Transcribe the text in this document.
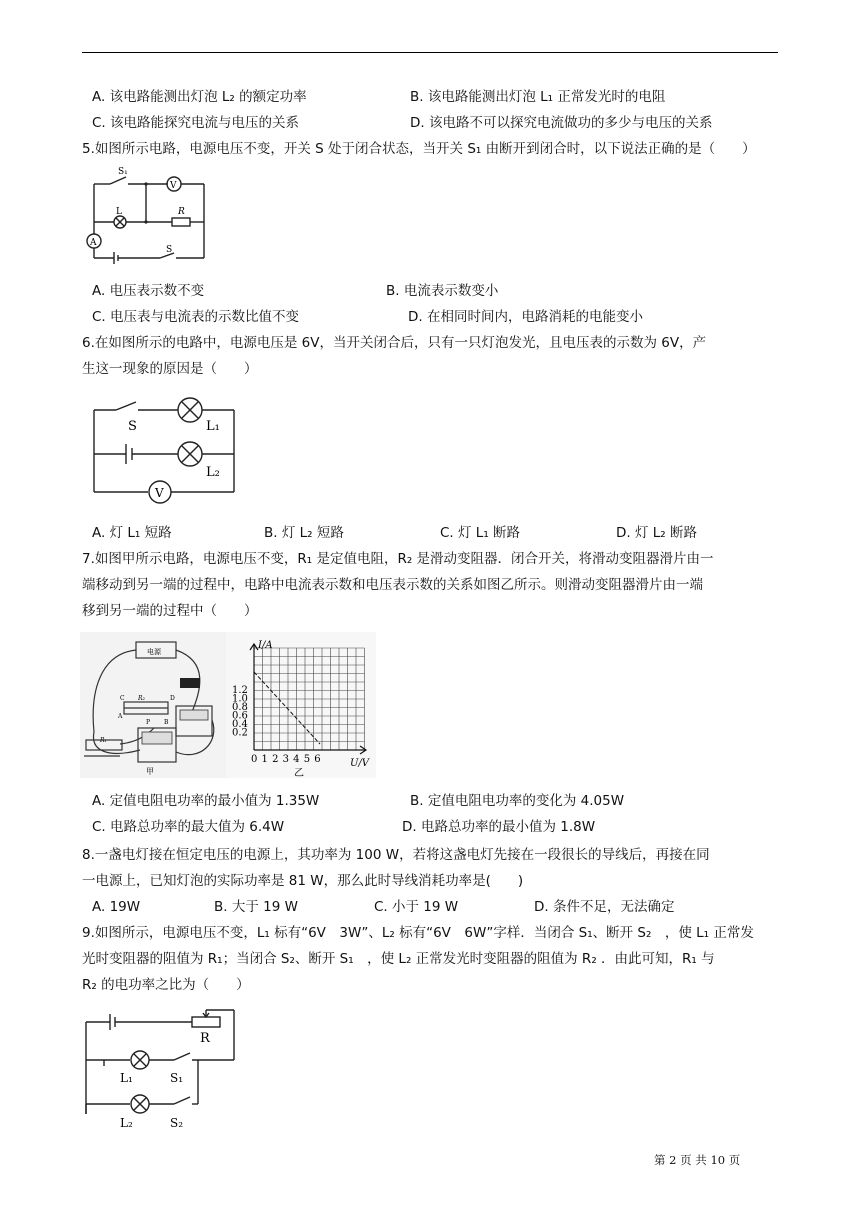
A. 该电路能测出灯泡 L₂ 的额定功率	B. 该电路能测出灯泡 L₁ 正常发光时的电阻
C. 该电路能探究电流与电压的关系	D. 该电路不可以探究电流做功的多少与电压的关系
5.如图所示电路，电源电压不变，开关 S 处于闭合状态，当开关 S₁ 由断开到闭合时，以下说法正确的是（　　）
S₁
V
L	R
A
S
A. 电压表示数不变	B. 电流表示数变小
C. 电压表与电流表的示数比值不变	D. 在相同时间内，电路消耗的电能变小
6.在如图所示的电路中，电源电压是 6V，当开关闭合后，只有一只灯泡发光，且电压表的示数为 6V，产
生这一现象的原因是（　　）
S	L₁
L₂
V
A. 灯 L₁ 短路	B. 灯 L₂ 短路	C. 灯 L₁ 断路	D. 灯 L₂ 断路
7.如图甲所示电路，电源电压不变，R₁ 是定值电阻，R₂ 是滑动变阻器．闭合开关，将滑动变阻器滑片由一
端移动到另一端的过程中，电路中电流表示数和电压表示数的关系如图乙所示。则滑动变阻器滑片由一端
移到另一端的过程中（　　）
电源
R₁
R₂
C
P
D
A
B
甲
1.2
1.0
0.8
0.6
0.4
0.2
0 1 2 3 4 5 6
I/A
U/V
乙
A. 定值电阻电功率的最小值为 1.35W	B. 定值电阻电功率的变化为 4.05W
C. 电路总功率的最大值为 6.4W	D. 电路总功率的最小值为 1.8W
8.一盏电灯接在恒定电压的电源上，其功率为 100 W，若将这盏电灯先接在一段很长的导线后，再接在同
一电源上，已知灯泡的实际功率是 81 W，那么此时导线消耗功率是(　　)
A. 19W	B. 大于 19 W	C. 小于 19 W	D. 条件不足，无法确定
9.如图所示，电源电压不变，L₁ 标有“6V　3W”、L₂ 标有“6V　6W”字样．当闭合 S₁、断开 S₂　，使 L₁ 正常发
光时变阻器的阻值为 R₁；当闭合 S₂、断开 S₁　，使 L₂ 正常发光时变阻器的阻值为 R₂ ．由此可知，R₁ 与
R₂ 的电功率之比为（　　）
R
L₁	S₁
L₂	S₂
第 2 页 共 10 页
